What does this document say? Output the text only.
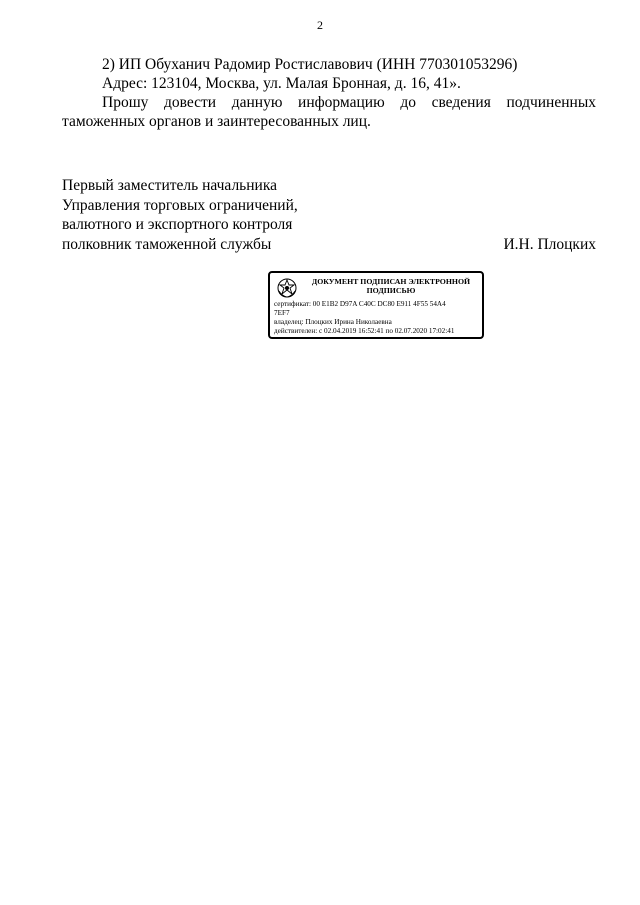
2
2) ИП Обуханич Радомир Ростиславович (ИНН 770301053296)
Адрес: 123104, Москва, ул. Малая Бронная, д. 16, 41».
Прошу довести данную информацию до сведения подчиненных
таможенных органов и заинтересованных лиц.
Первый заместитель начальника
Управления торговых ограничений,
валютного и экспортного контроля
полковник таможенной службы	И.Н. Плоцких
ДОКУМЕНТ ПОДПИСАН ЭЛЕКТРОННОЙ ПОДПИСЬЮ
сертификат: 00 E1B2 D97A C40C DC80 E911 4F55 54A4
7EF7
владелец: Плоцких Ирина Николаевна
действителен: с 02.04.2019 16:52:41 по 02.07.2020 17:02:41
